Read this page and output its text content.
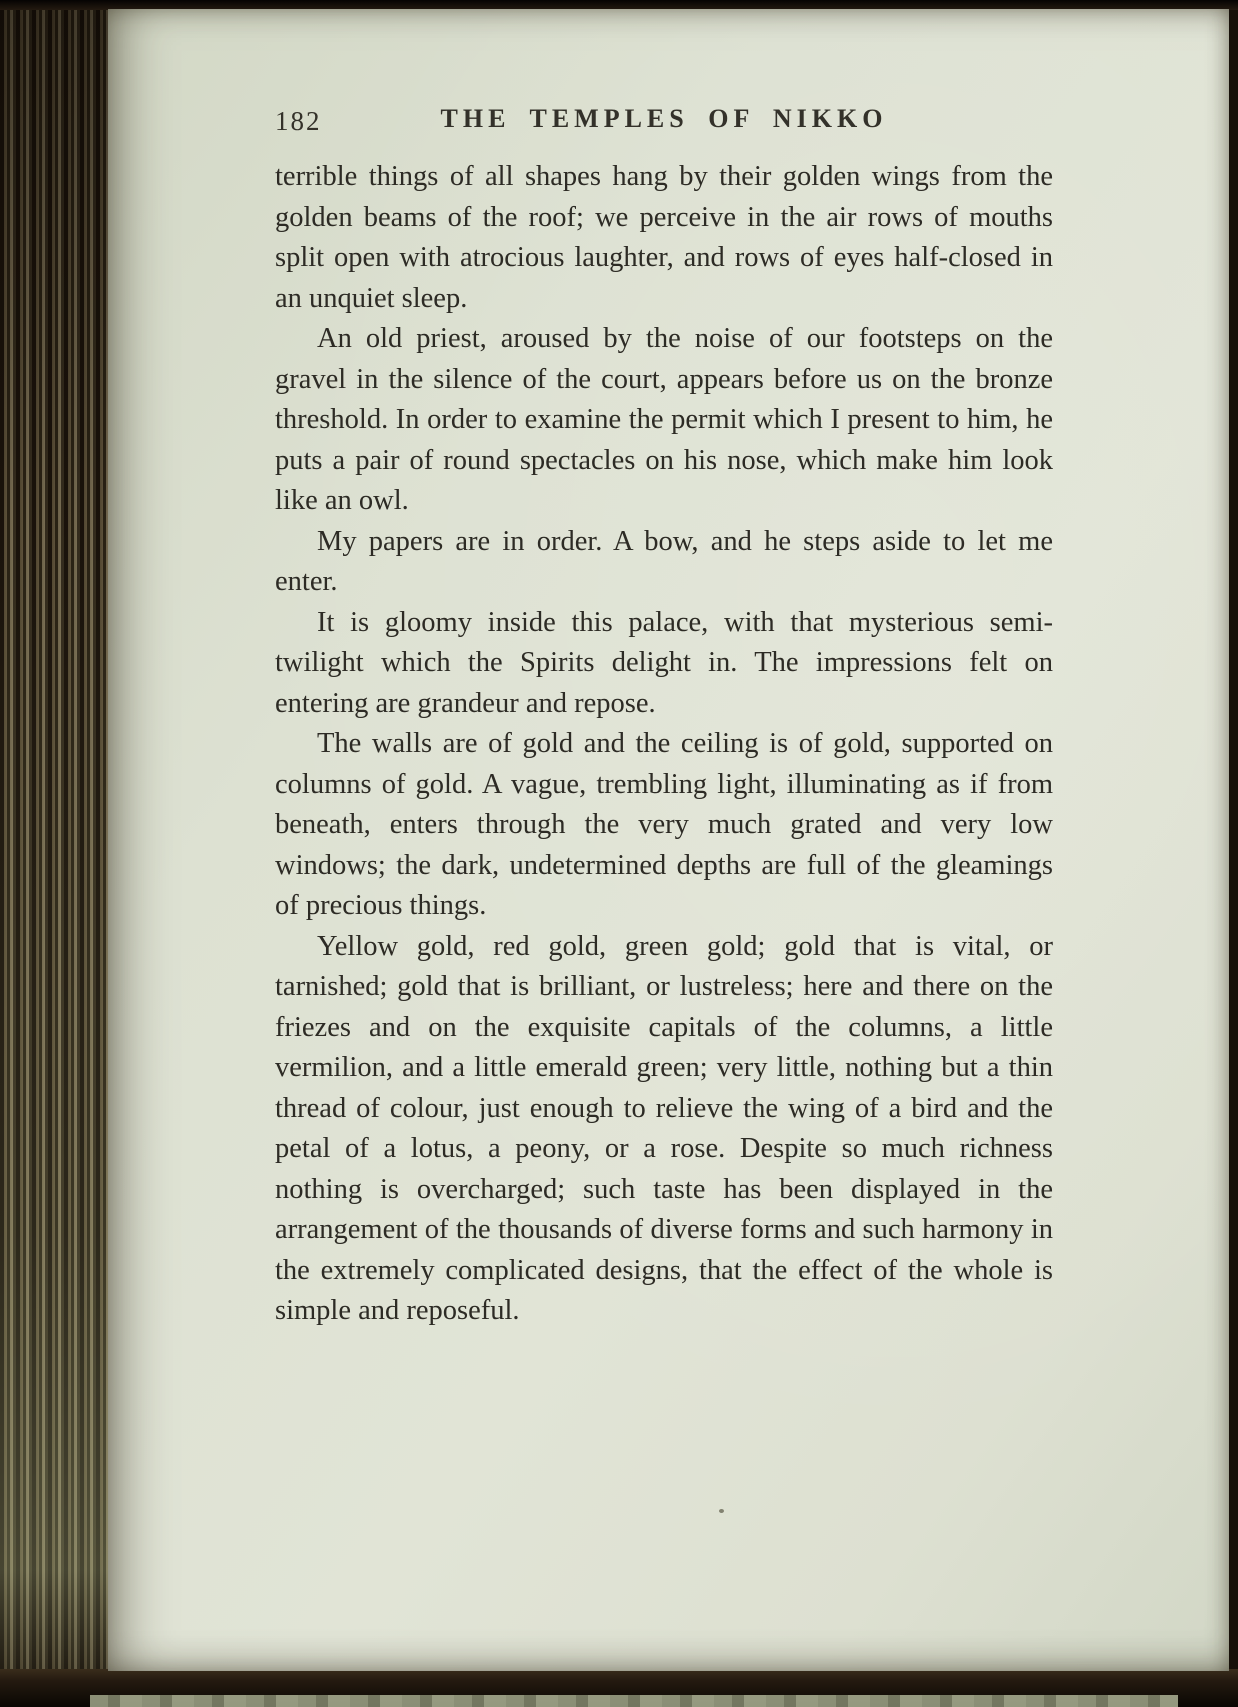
182	THE TEMPLES OF NIKKO

terrible things of all shapes hang by their golden wings from the golden beams of the roof; we perceive in the air rows of mouths split open with atrocious laughter, and rows of eyes half-closed in an unquiet sleep.

An old priest, aroused by the noise of our footsteps on the gravel in the silence of the court, appears before us on the bronze threshold. In order to examine the permit which I present to him, he puts a pair of round spectacles on his nose, which make him look like an owl.

My papers are in order. A bow, and he steps aside to let me enter.

It is gloomy inside this palace, with that mysterious semi-twilight which the Spirits delight in. The impressions felt on entering are grandeur and repose.

The walls are of gold and the ceiling is of gold, supported on columns of gold. A vague, trembling light, illuminating as if from beneath, enters through the very much grated and very low windows; the dark, undetermined depths are full of the gleamings of precious things.

Yellow gold, red gold, green gold; gold that is vital, or tarnished; gold that is brilliant, or lustreless; here and there on the friezes and on the exquisite capitals of the columns, a little vermilion, and a little emerald green; very little, nothing but a thin thread of colour, just enough to relieve the wing of a bird and the petal of a lotus, a peony, or a rose. Despite so much richness nothing is overcharged; such taste has been displayed in the arrangement of the thousands of diverse forms and such harmony in the extremely complicated designs, that the effect of the whole is simple and reposeful.
